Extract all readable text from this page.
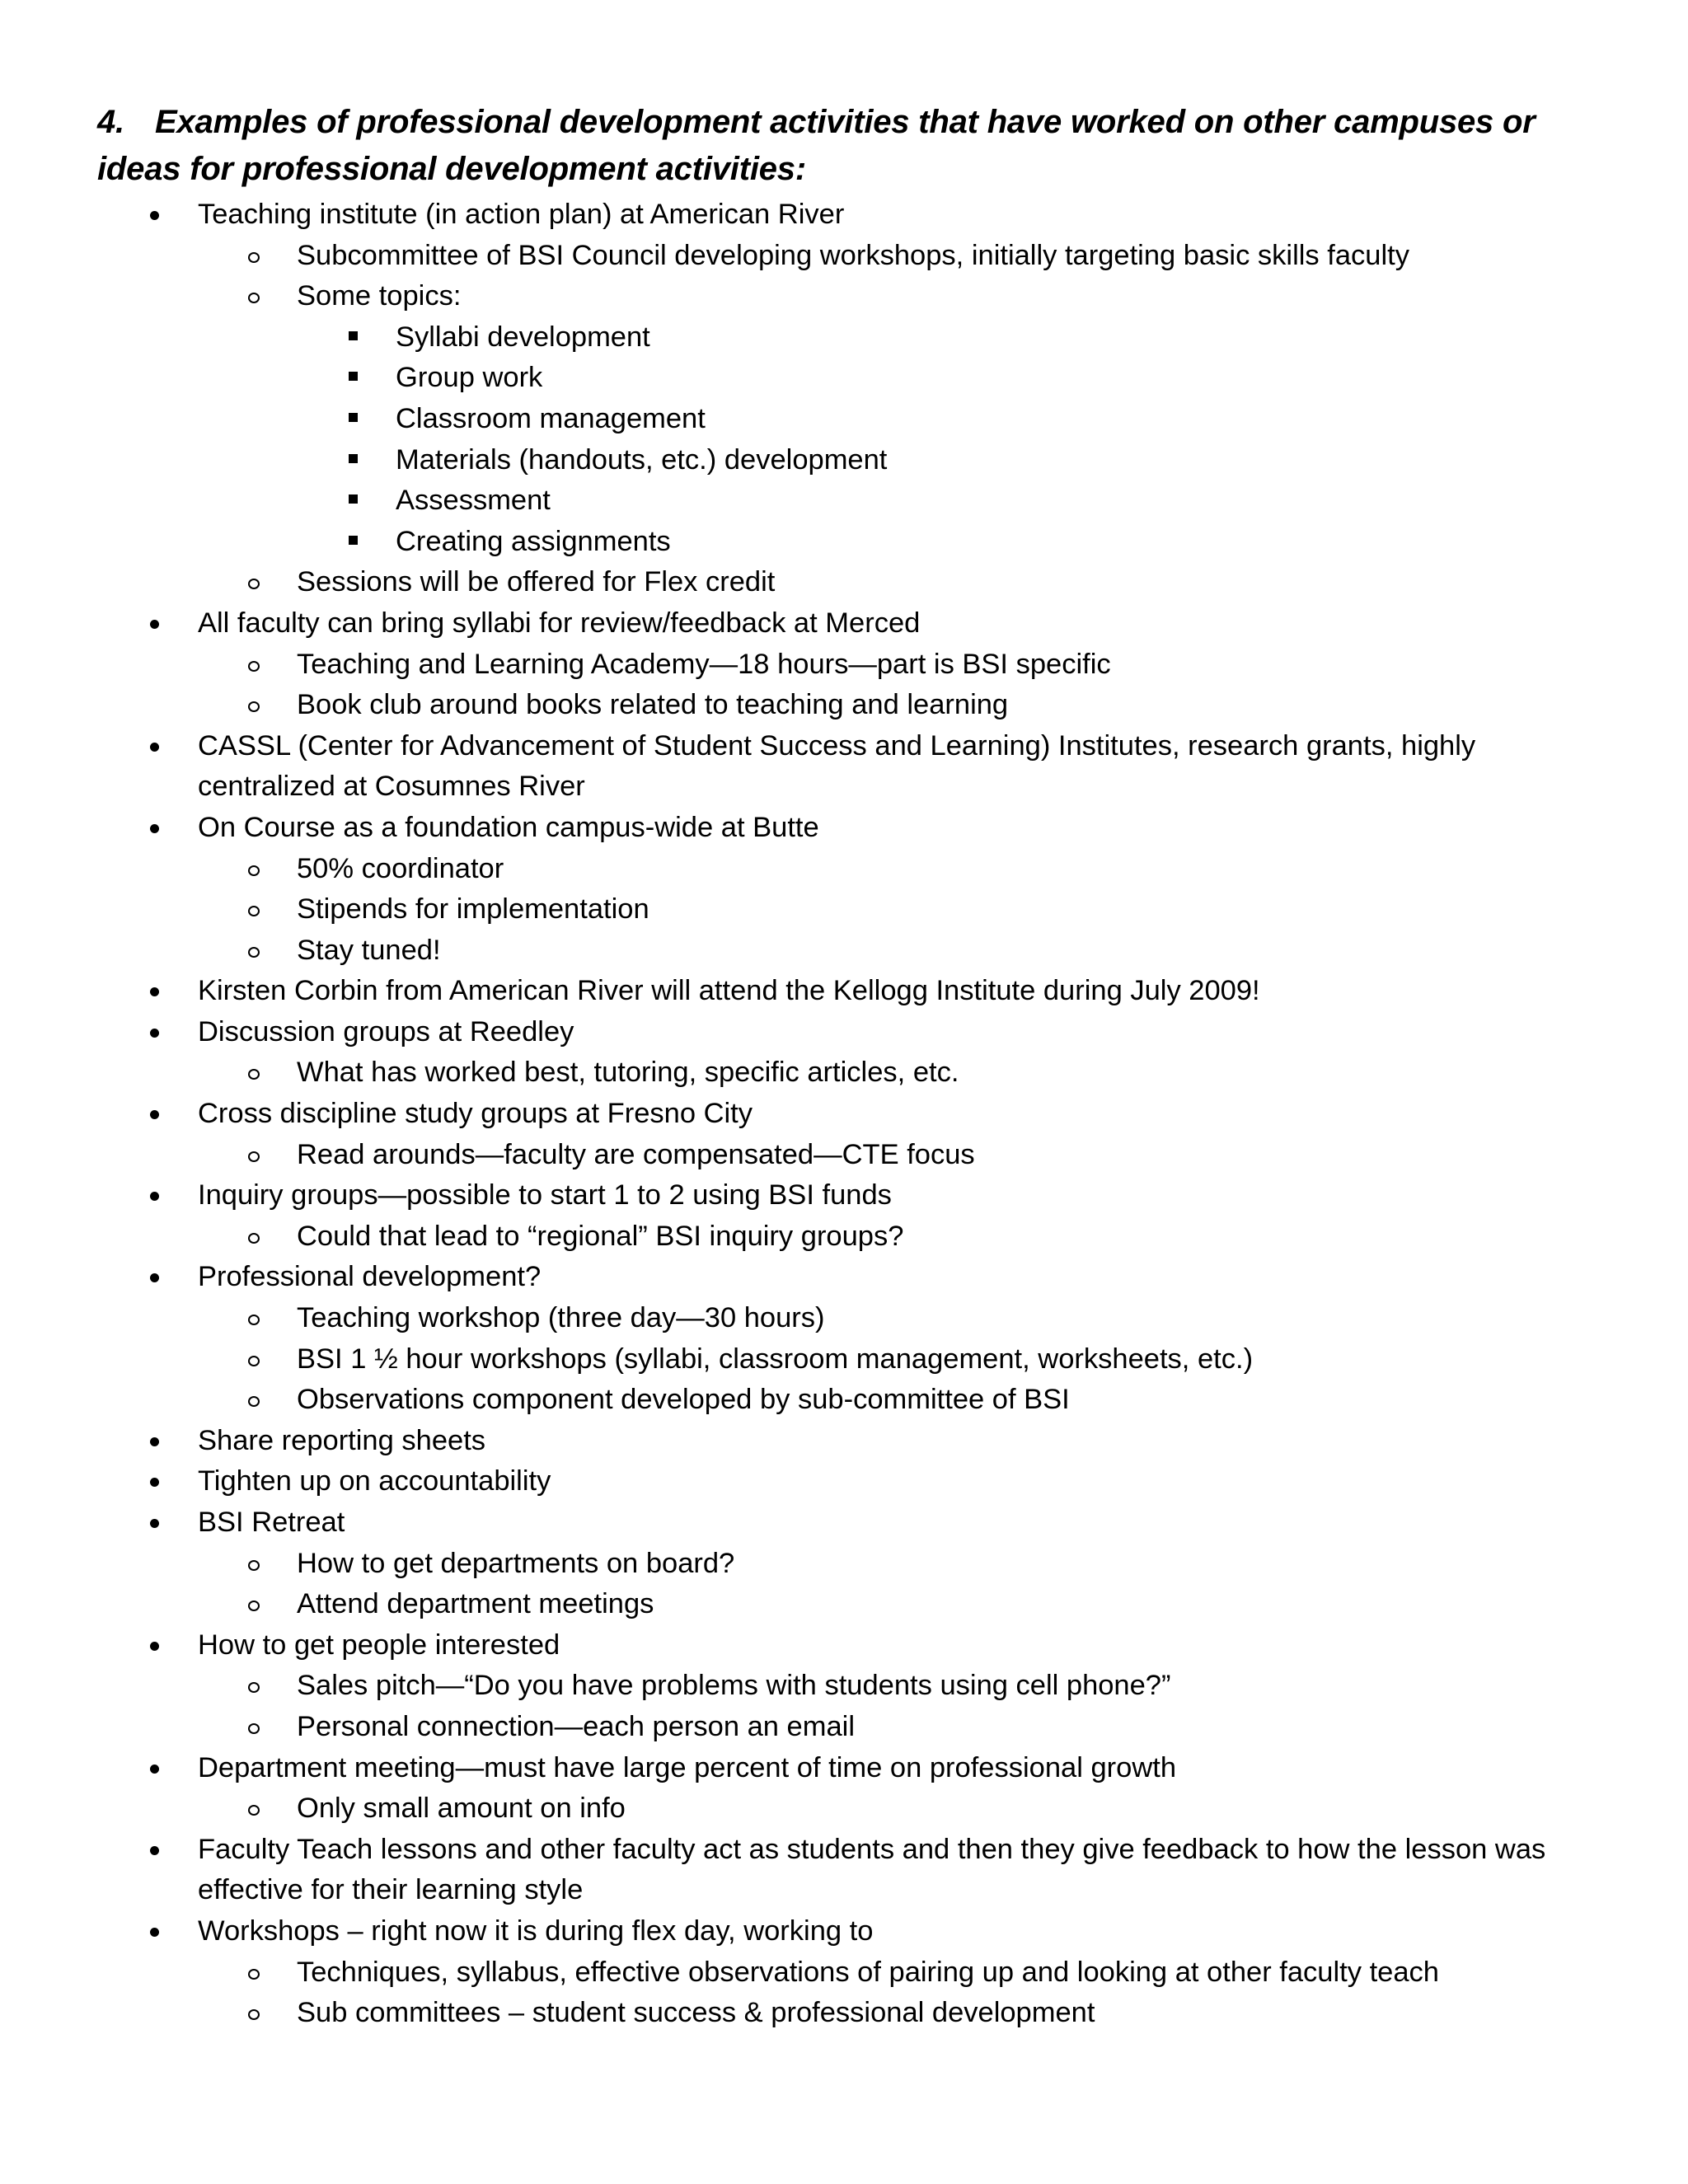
4. Examples of professional development activities that have worked on other campuses or ideas for professional development activities:
Teaching institute (in action plan) at American River
Subcommittee of BSI Council developing workshops, initially targeting basic skills faculty
Some topics:
Syllabi development
Group work
Classroom management
Materials (handouts, etc.) development
Assessment
Creating assignments
Sessions will be offered for Flex credit
All faculty can bring syllabi for review/feedback at Merced
Teaching and Learning Academy—18 hours—part is BSI specific
Book club around books related to teaching and learning
CASSL (Center for Advancement of Student Success and Learning) Institutes, research grants, highly centralized at Cosumnes River
On Course as a foundation campus-wide at Butte
50% coordinator
Stipends for implementation
Stay tuned!
Kirsten Corbin from American River will attend the Kellogg Institute during July 2009!
Discussion groups at Reedley
What has worked best, tutoring, specific articles, etc.
Cross discipline study groups at Fresno City
Read arounds—faculty are compensated—CTE focus
Inquiry groups—possible to start 1 to 2 using BSI funds
Could that lead to “regional” BSI inquiry groups?
Professional development?
Teaching workshop (three day—30 hours)
BSI 1 ½ hour workshops (syllabi, classroom management, worksheets, etc.)
Observations component developed by sub-committee of BSI
Share reporting sheets
Tighten up on accountability
BSI Retreat
How to get departments on board?
Attend department meetings
How to get people interested
Sales pitch—“Do you have problems with students using cell phone?”
Personal connection—each person an email
Department meeting—must have large percent of time on professional growth
Only small amount on info
Faculty Teach lessons and other faculty act as students and then they give feedback to how the lesson was effective for their learning style
Workshops – right now it is during flex day, working to
Techniques, syllabus, effective observations of pairing up and looking at other faculty teach
Sub committees – student success & professional development
